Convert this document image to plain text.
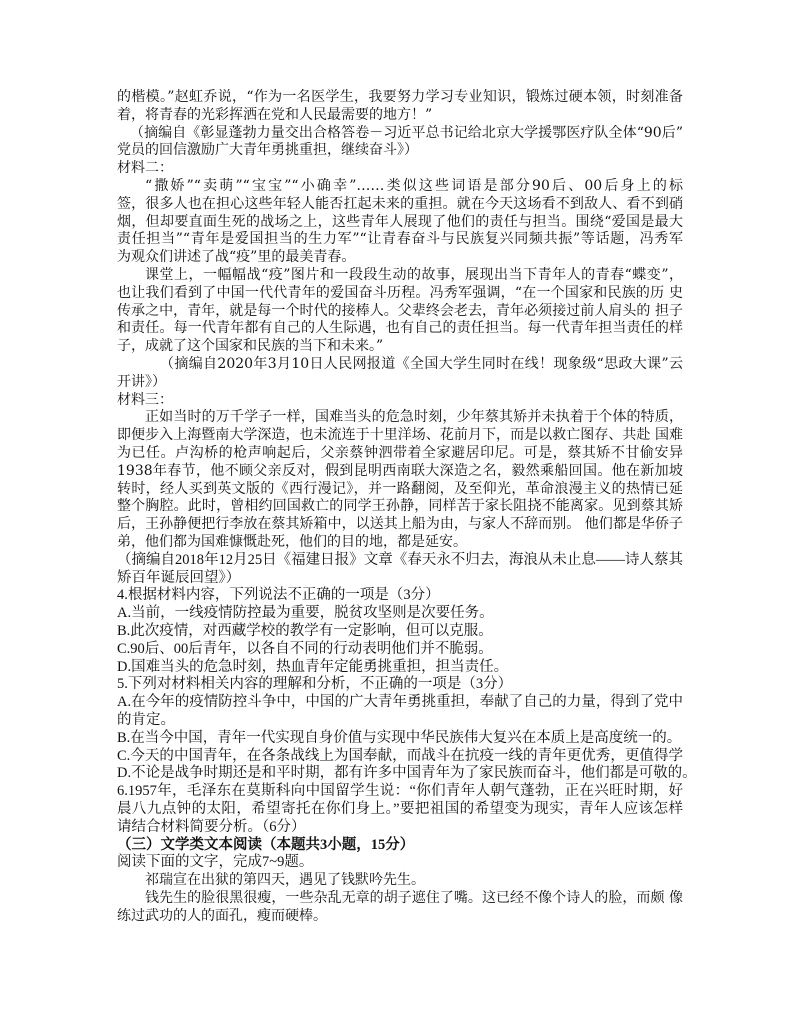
的楷模。”赵虹乔说，“作为一名医学生，我要努力学习专业知识，锻炼过硬本领，时刻准备
着，将青春的光彩挥洒在党和人民最需要的地方！”
（摘编自《彰显蓬勃力量交出合格答卷－习近平总书记给北京大学援鄂医疗队全体“90后”
党员的回信激励广大青年勇挑重担，继续奋斗》）
材料二：
“撒娇”“卖萌”“宝宝”“小确幸”……类似这些词语是部分90后、00后身上的标
签，很多人也在担心这些年轻人能否扛起未来的重担。就在今天这场看不到敌人、看不到硝
烟，但却要直面生死的战场之上，这些青年人展现了他们的责任与担当。围绕“爱国是最大
责任担当”“青年是爱国担当的生力军”“让青春奋斗与民族复兴同频共振”等话题，冯秀军
为观众们讲述了战“疫”里的最美青春。
课堂上，一幅幅战“疫”图片和一段段生动的故事，展现出当下青年人的青春“蝶变”，
也让我们看到了中国一代代青年的爱国奋斗历程。冯秀军强调，“在一个国家和民族的历 史
传承之中，青年，就是每一个时代的接棒人。父辈终会老去，青年必须接过前人肩头的 担子
和责任。每一代青年都有自己的人生际遇，也有自己的责任担当。每一代青年担当责任的样
子，成就了这个国家和民族的当下和未来。”
（摘编自2020年3月10日人民网报道《全国大学生同时在线！现象级“思政大课”云
开讲》）
材料三：
正如当时的万千学子一样，国难当头的危急时刻，少年蔡其矫并未执着于个体的特质，
即便步入上海暨南大学深造，也未流连于十里洋场、花前月下，而是以救亡图存、共赴 国难
为已任。卢沟桥的枪声响起后，父亲蔡钟泗带着全家避居印尼。可是，蔡其矫不甘偷安异
1938年春节，他不顾父亲反对，假到昆明西南联大深造之名，毅然乘船回国。他在新加坡
转时，经人买到英文版的《西行漫记》，并一路翻阅，及至仰光，革命浪漫主义的热情已延
整个胸腔。此时，曾相约回国救亡的同学王孙静，同样苦于家长阻挠不能离家。见到蔡其矫
后，王孙静便把行李放在蔡其矫箱中，以送其上船为由，与家人不辞而别。 他们都是华侨子
弟，他们都为国难慷慨赴死，他们的目的地，都是延安。
（摘编自2018年12月25日《福建日报》文章《春天永不归去，海浪从未止息——诗人蔡其
矫百年诞辰回望》）
4.根据材料内容，下列说法不正确的一项是（3分）
A.当前，一线疫情防控最为重要，脱贫攻坚则是次要任务。
B.此次疫情，对西藏学校的教学有一定影响，但可以克服。
C.90后、00后青年，以各自不同的行动表明他们并不脆弱。
D.国难当头的危急时刻，热血青年定能勇挑重担，担当责任。
5.下列对材料相关内容的理解和分析，不正确的一项是（3分）
A.在今年的疫情防控斗争中，中国的广大青年勇挑重担，奉献了自己的力量，得到了党中
的肯定。
B.在当今中国，青年一代实现自身价值与实现中华民族伟大复兴在本质上是高度统一的。
C.今天的中国青年，在各条战线上为国奉献，而战斗在抗疫一线的青年更优秀，更值得学
D.不论是战争时期还是和平时期，都有许多中国青年为了家民族而奋斗，他们都是可敬的。
6.1957年，毛泽东在莫斯科向中国留学生说：“你们青年人朝气蓬勃，正在兴旺时期，好
晨八九点钟的太阳，希望寄托在你们身上。”要把祖国的希望变为现实，青年人应该怎样
请结合材料简要分析。（6分）
（三）文学类文本阅读（本题共3小题，15分）
阅读下面的文字，完成7~9题。
祁瑞宣在出狱的第四天，遇见了钱默吟先生。
钱先生的脸很黑很瘦，一些杂乱无章的胡子遮住了嘴。这已经不像个诗人的脸，而颇 像
练过武功的人的面孔，瘦而硬棒。
